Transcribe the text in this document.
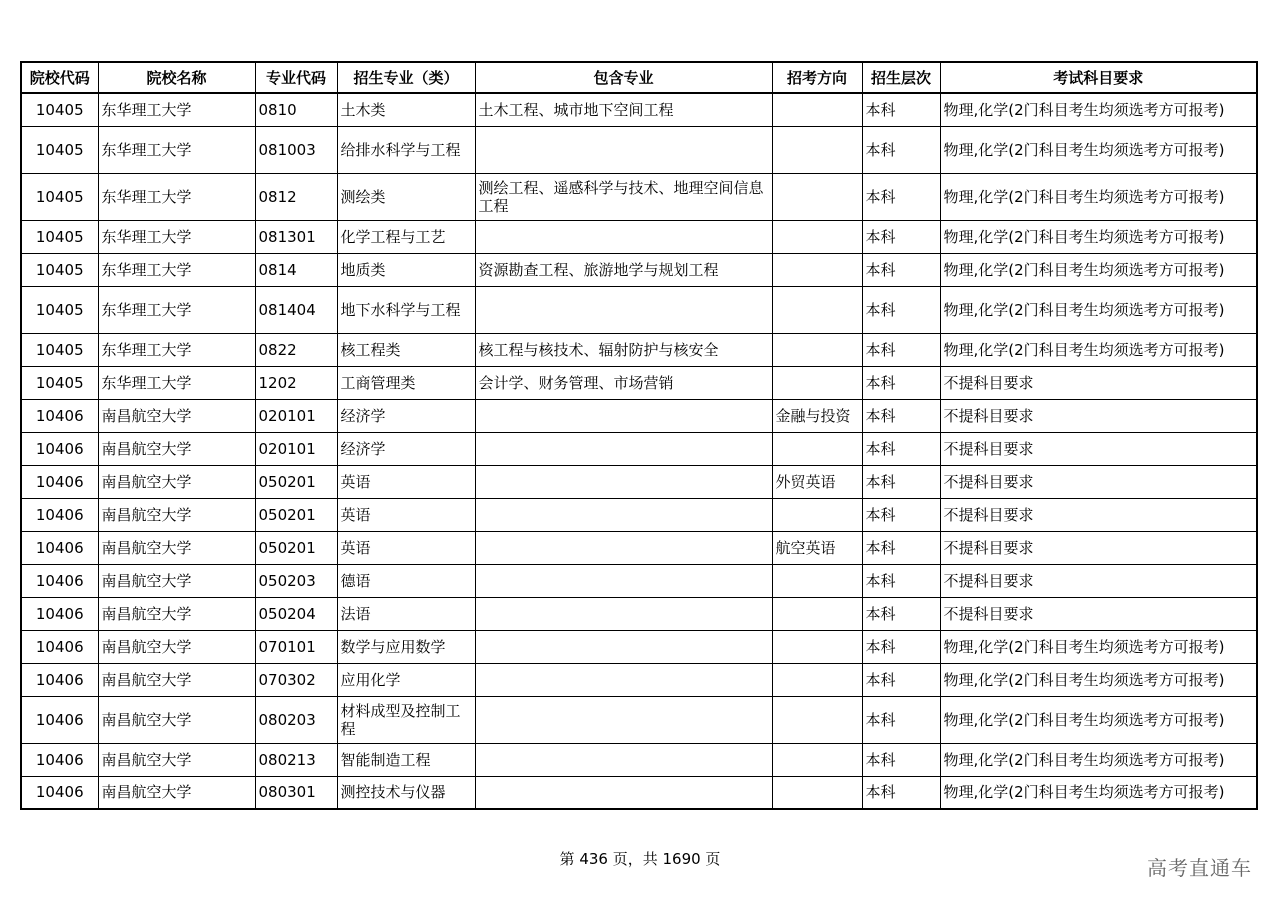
院校代码	院校名称	专业代码	招生专业（类）	包含专业	招考方向	招生层次	考试科目要求
10405	东华理工大学	0810	土木类	土木工程、城市地下空间工程		本科	物理,化学(2门科目考生均须选考方可报考)
10405	东华理工大学	081003	给排水科学与工程			本科	物理,化学(2门科目考生均须选考方可报考)
10405	东华理工大学	0812	测绘类	测绘工程、遥感科学与技术、地理空间信息工程		本科	物理,化学(2门科目考生均须选考方可报考)
10405	东华理工大学	081301	化学工程与工艺			本科	物理,化学(2门科目考生均须选考方可报考)
10405	东华理工大学	0814	地质类	资源勘查工程、旅游地学与规划工程		本科	物理,化学(2门科目考生均须选考方可报考)
10405	东华理工大学	081404	地下水科学与工程			本科	物理,化学(2门科目考生均须选考方可报考)
10405	东华理工大学	0822	核工程类	核工程与核技术、辐射防护与核安全		本科	物理,化学(2门科目考生均须选考方可报考)
10405	东华理工大学	1202	工商管理类	会计学、财务管理、市场营销		本科	不提科目要求
10406	南昌航空大学	020101	经济学		金融与投资	本科	不提科目要求
10406	南昌航空大学	020101	经济学			本科	不提科目要求
10406	南昌航空大学	050201	英语		外贸英语	本科	不提科目要求
10406	南昌航空大学	050201	英语			本科	不提科目要求
10406	南昌航空大学	050201	英语		航空英语	本科	不提科目要求
10406	南昌航空大学	050203	德语			本科	不提科目要求
10406	南昌航空大学	050204	法语			本科	不提科目要求
10406	南昌航空大学	070101	数学与应用数学			本科	物理,化学(2门科目考生均须选考方可报考)
10406	南昌航空大学	070302	应用化学			本科	物理,化学(2门科目考生均须选考方可报考)
10406	南昌航空大学	080203	材料成型及控制工程			本科	物理,化学(2门科目考生均须选考方可报考)
10406	南昌航空大学	080213	智能制造工程			本科	物理,化学(2门科目考生均须选考方可报考)
10406	南昌航空大学	080301	测控技术与仪器			本科	物理,化学(2门科目考生均须选考方可报考)
第 436 页，共 1690 页	高考直通车
